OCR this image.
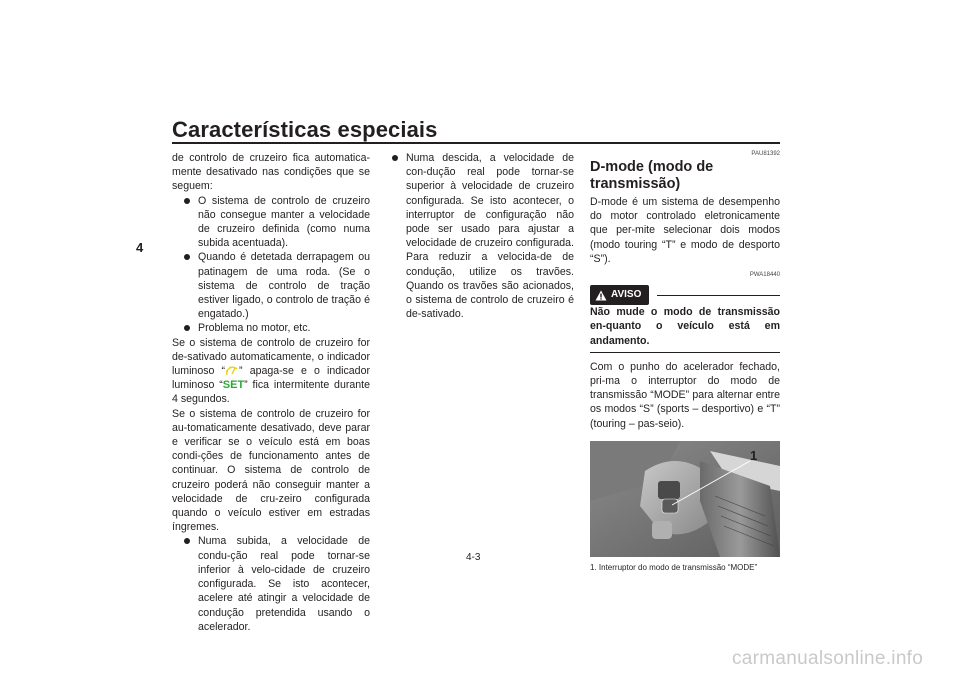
Características especiais
4

de controlo de cruzeiro fica automatica-mente desativado nas condições que se seguem:

O sistema de controlo de cruzeiro não consegue manter a velocidade de cruzeiro definida (como numa subida acentuada).
Quando é detetada derrapagem ou patinagem de uma roda. (Se o sistema de controlo de tração estiver ligado, o controlo de tração é engatado.)
Problema no motor, etc.

Se o sistema de controlo de cruzeiro for de-sativado automaticamente, o indicador luminoso “ ” apaga-se e o indicador luminoso “SET” fica intermitente durante 4 segundos.

Se o sistema de controlo de cruzeiro for au-tomaticamente desativado, deve parar e verificar se o veículo está em boas condi-ções de funcionamento antes de continuar. O sistema de controlo de cruzeiro poderá não conseguir manter a velocidade de cru-zeiro configurada quando o veículo estiver em estradas íngremes.

Numa subida, a velocidade de condu-ção real pode tornar-se inferior à velo-cidade de cruzeiro configurada. Se isto acontecer, acelere até atingir a velocidade de condução pretendida usando o acelerador.
Numa descida, a velocidade de con-dução real pode tornar-se superior à velocidade de cruzeiro configurada. Se isto acontecer, o interruptor de configuração não pode ser usado para ajustar a velocidade de cruzeiro configurada. Para reduzir a velocida-de de condução, utilize os travões. Quando os travões são acionados, o sistema de controlo de cruzeiro é de-sativado.
PAU81392
D-mode (modo de transmissão)

D-mode é um sistema de desempenho do motor controlado eletronicamente que per-mite selecionar dois modos (modo touring “T” e modo de desporto “S”).

PWA18440
AVISO

Não mude o modo de transmissão en-quanto o veículo está em andamento.

Com o punho do acelerador fechado, pri-ma o interruptor do modo de transmissão “MODE” para alternar entre os modos “S” (sports – desportivo) e “T” (touring – pas-seio).

1
1. Interruptor do modo de transmissão “MODE”
4-3
carmanualsonline.info
